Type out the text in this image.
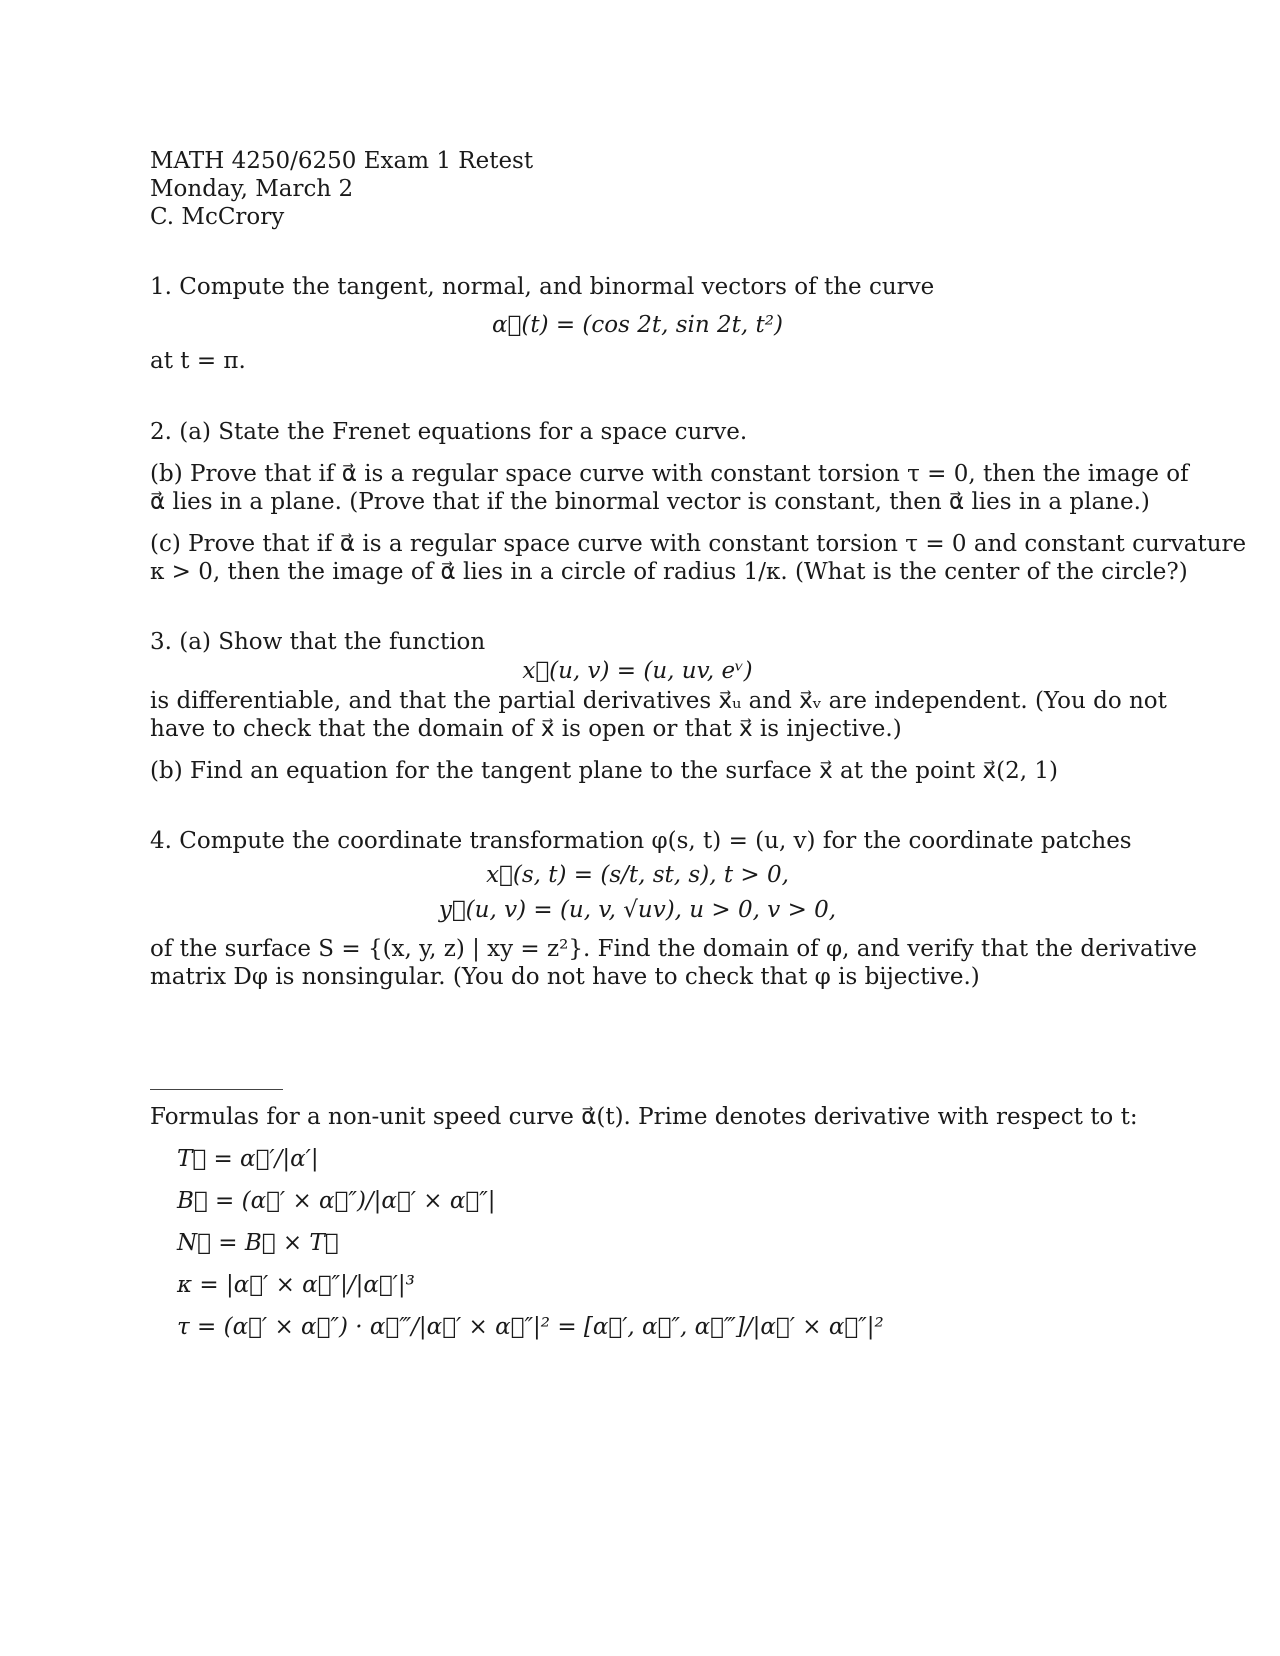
MATH 4250/6250 Exam 1 Retest
Monday, March 2
C. McCrory
1. Compute the tangent, normal, and binormal vectors of the curve
α⃗(t) = (cos 2t, sin 2t, t²)
at t = π.
2. (a) State the Frenet equations for a space curve.
(b) Prove that if α⃗ is a regular space curve with constant torsion τ = 0, then the image of
α⃗ lies in a plane. (Prove that if the binormal vector is constant, then α⃗ lies in a plane.)
(c) Prove that if α⃗ is a regular space curve with constant torsion τ = 0 and constant curvature
κ > 0, then the image of α⃗ lies in a circle of radius 1/κ. (What is the center of the circle?)
3. (a) Show that the function
x⃗(u, v) = (u, uv, eᵛ)
is differentiable, and that the partial derivatives x⃗ᵤ and x⃗ᵥ are independent. (You do not
have to check that the domain of x⃗ is open or that x⃗ is injective.)
(b) Find an equation for the tangent plane to the surface x⃗ at the point x⃗(2, 1)
4. Compute the coordinate transformation φ(s, t) = (u, v) for the coordinate patches
x⃗(s, t) = (s/t, st, s), t > 0,
y⃗(u, v) = (u, v, √uv), u > 0, v > 0,
of the surface S = {(x, y, z) | xy = z²}. Find the domain of φ, and verify that the derivative
matrix Dφ is nonsingular. (You do not have to check that φ is bijective.)
Formulas for a non-unit speed curve α⃗(t). Prime denotes derivative with respect to t:
T⃗ = α⃗′/|α′|
B⃗ = (α⃗′ × α⃗″)/|α⃗′ × α⃗″|
N⃗ = B⃗ × T⃗
κ = |α⃗′ × α⃗″|/|α⃗′|³
τ = (α⃗′ × α⃗″) · α⃗‴/|α⃗′ × α⃗″|² = [α⃗′, α⃗″, α⃗‴]/|α⃗′ × α⃗″|²
